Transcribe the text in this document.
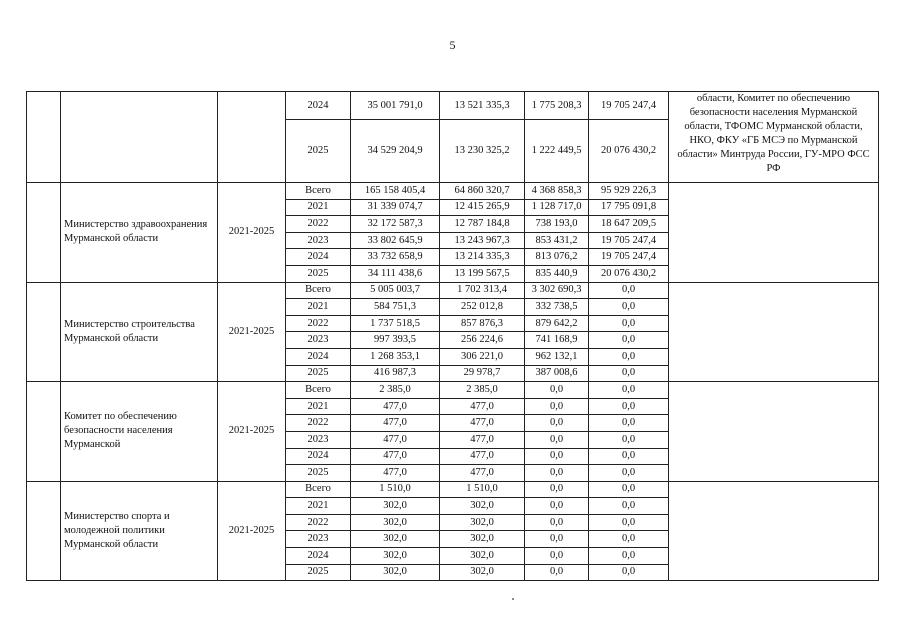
5
			2024	35 001 791,0	13 521 335,3	1 775 208,3	19 705 247,4	области, Комитет по обеспечению безопасности населения Мурманской области, ТФОМС Мурманской области, НКО, ФКУ «ГБ МСЭ по Мурманской области» Минтруда России, ГУ-МРО ФСС РФ
			2025	34 529 204,9	13 230 325,2	1 222 449,5	20 076 430,2	
	Министерство здравоохранения Мурманской области	2021-2025	Всего	165 158 405,4	64 860 320,7	4 368 858,3	95 929 226,3	
			2021	31 339 074,7	12 415 265,9	1 128 717,0	17 795 091,8	
			2022	32 172 587,3	12 787 184,8	738 193,0	18 647 209,5	
			2023	33 802 645,9	13 243 967,3	853 431,2	19 705 247,4	
			2024	33 732 658,9	13 214 335,3	813 076,2	19 705 247,4	
			2025	34 111 438,6	13 199 567,5	835 440,9	20 076 430,2	
	Министерство строительства Мурманской области	2021-2025	Всего	5 005 003,7	1 702 313,4	3 302 690,3	0,0	
			2021	584 751,3	252 012,8	332 738,5	0,0	
			2022	1 737 518,5	857 876,3	879 642,2	0,0	
			2023	997 393,5	256 224,6	741 168,9	0,0	
			2024	1 268 353,1	306 221,0	962 132,1	0,0	
			2025	416 987,3	29 978,7	387 008,6	0,0	
	Комитет по обеспечению безопасности населения Мурманской	2021-2025	Всего	2 385,0	2 385,0	0,0	0,0	
			2021	477,0	477,0	0,0	0,0	
			2022	477,0	477,0	0,0	0,0	
			2023	477,0	477,0	0,0	0,0	
			2024	477,0	477,0	0,0	0,0	
			2025	477,0	477,0	0,0	0,0	
	Министерство спорта и молодежной политики Мурманской области	2021-2025	Всего	1 510,0	1 510,0	0,0	0,0	
			2021	302,0	302,0	0,0	0,0	
			2022	302,0	302,0	0,0	0,0	
			2023	302,0	302,0	0,0	0,0	
			2024	302,0	302,0	0,0	0,0	
			2025	302,0	302,0	0,0	0,0	
